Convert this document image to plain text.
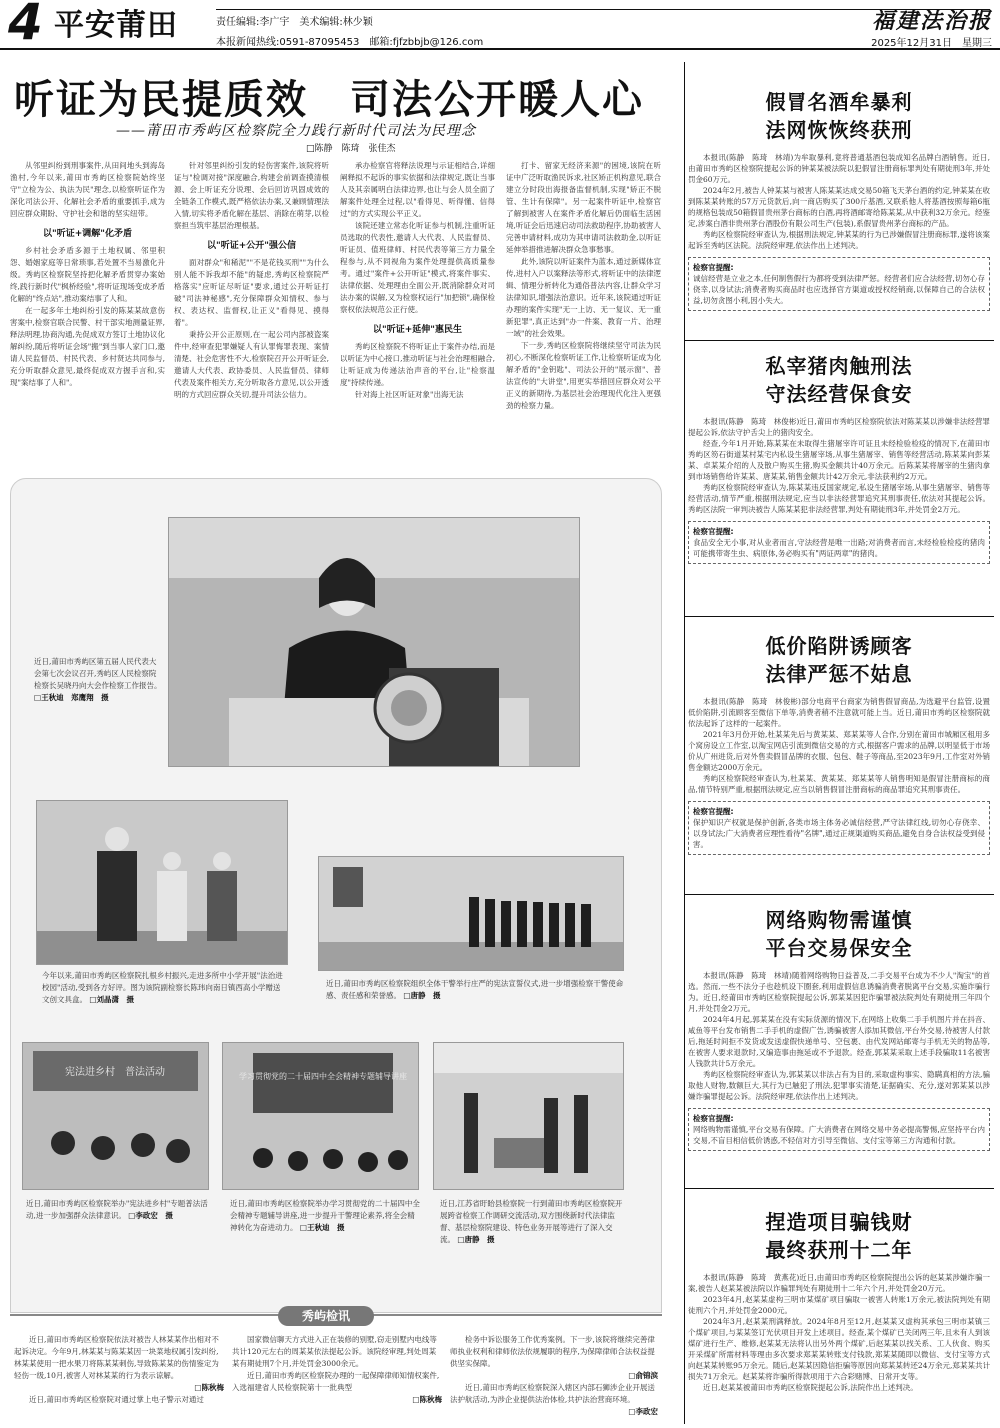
4 平安莆田	责任编辑:李广宇　美术编辑:林少颖
本报新闻热线:0591-87095453　邮箱:fjfzbbjb@126.com
福建法治报
2025年12月31日　星期三
听证为民提质效　司法公开暖人心
——莆田市秀屿区检察院全力践行新时代司法为民理念
□陈静　陈琦　张佳杰

从邻里纠纷到刑事案件,从田间地头到海岛渔村,今年以来,莆田市秀屿区检察院始终坚守"立检为公、执法为民"理念,以检察听证作为深化司法公开、化解社会矛盾的重要抓手,成为回应群众期盼、守护社会和谐的坚实纽带。

以"听证+调解"化矛盾

乡村社会矛盾多源于土地权属、邻里积怨、婚姻家庭等日常琐事,若处置不当易激化升级。秀屿区检察院坚持把化解矛盾贯穿办案始终,践行新时代"枫桥经验",将听证现场变成矛盾化解的"终点站",推动案结事了人和。

在一起多年土地纠纷引发的陈某某故意伤害案中,检察官联合民警、村干部实地测量证界,释法明理,协商沟通,先促成双方签订土地协议化解纠纷,随后将听证会场"搬"到当事人家门口,邀请人民监督员、村民代表、乡村贤达共同参与,充分听取群众意见,最终促成双方握手言和,实现"案结事了人和"。

针对邻里纠纷引发的轻伤害案件,该院将听证与"检调对接"深度融合,构建会前调查摸清根源、会上听证充分说理、会后回访巩固成效的全链条工作模式,既严格依法办案,又兼顾情理法入情,切实将矛盾化解在基层、消除在萌芽,以检察担当筑牢基层治理根基。

以"听证+公开"强公信

面对群众"和稀泥""不是花钱买刑""为什么别人能不诉我却不能"的疑虑,秀屿区检察院严格落实"应听证尽听证"要求,通过公开听证打破"司法神秘感",充分保障群众知情权、参与权、表达权、监督权,让正义"看得见、摸得着"。

秉持公开公正原则,在一起公司内部被盗案件中,经审查犯罪嫌疑人有认罪悔罪表现、案情清楚、社会危害性不大,检察院召开公开听证会,邀请人大代表、政协委员、人民监督员、律师代表及案件相关方,充分听取各方意见,以公开透明的方式回应群众关切,提升司法公信力。

承办检察官将释法说理与示证相结合,详细阐释拟不起诉的事实依据和法律规定,既让当事人及其亲属明白法律边界,也让与会人员全面了解案件处理全过程,以"看得见、听得懂、信得过"的方式实现公平正义。

该院还建立常态化听证参与机制,注重听证员选取的代表性,邀请人大代表、人民监督员、听证员、值班律师、村民代表等第三方力量全程参与,从不同视角为案件处理提供高质量参考。通过"案件+公开听证"模式,将案件事实、法律依据、处理理由全面公开,既消除群众对司法办案的误解,又为检察权运行"加把锁",确保检察权依法规范公正行使。

以"听证+延伸"惠民生

秀屿区检察院不将听证止于案件办结,而是以听证为中心接口,推动听证与社会治理相融合,让听证成为传递法治声音的平台,让"检察温度"持续传递。

针对海上社区听证对象"出海无法

打卡、留家无经济来源"的困境,该院在听证中广泛听取渔民诉求,社区矫正机构意见,联合建立分时段出海报备监督机制,实现"矫正不脱管、生计有保障"。另一起案件听证中,检察官了解到被害人在案件矛盾化解后仍面临生活困境,听证会后迅速启动司法救助程序,协助被害人完善申请材料,成功为其申请司法救助金,以听证延伸举措推进解决群众急事愁事。

此外,该院以听证案件为蓝本,通过新媒体宣传,进村入户以案释法等形式,将听证中的法律逻辑、情理分析转化为通俗普法内容,让群众学习法律知识,增强法治意识。近年来,该院通过听证办理的案件实现"无一上访、无一复议、无一重新犯罪",真正达到"办一件案、教育一片、治理一域"的社会效果。

下一步,秀屿区检察院将继续坚守司法为民初心,不断深化检察听证工作,让检察听证成为化解矛盾的"金钥匙"、司法公开的"展示窗"、普法宣传的"大讲堂",用更实举措回应群众对公平正义的新期待,为基层社会治理现代化注入更强劲的检察力量。

近日,莆田市秀屿区第五届人民代表大会第七次会议召开,秀屿区人民检察院检察长吴晓丹向大会作检察工作报告。
□王秋迪　郑鹰翔　摄
今年以来,莆田市秀屿区检察院扎根乡村振兴,走进多所中小学开展"法治进校园"活动,受到各方好评。图为该院副检察长陈玮向南日镇西高小学赠送文创文具盒。 □刘晶潇　摄
近日,莆田市秀屿区检察院组织全体干警举行庄严的宪法宣誓仪式,进一步增强检察干警使命感、责任感和荣誉感。 □唐静　摄
宪法进乡村　普法活动
近日,莆田市秀屿区检察院举办"宪法进乡村"专题普法活动,进一步加强群众法律意识。 □李政宏　摄
学习贯彻党的二十届四中全会精神专题辅导讲座
近日,莆田市秀屿区检察院举办学习贯彻党的二十届四中全会精神专题辅导讲座,进一步提升干警理论素养,将全会精神转化为奋进动力。 □王秋迪　摄
近日,江苏省盱眙县检察院一行到莆田市秀屿区检察院开展跨省检察工作调研交流活动,双方围绕新时代法律监督、基层检察院建设、特色业务开展等进行了深入交流。 □唐静　摄
秀屿检讯

近日,莆田市秀屿区检察院依法对被告人林某某作出相对不起诉决定。今年9月,林某某与陈某某因一块菜地权属引发纠纷,林某某使用一把水果刀将陈某某刺伤,导致陈某某的伤情鉴定为轻伤一级,10月,被害人对林某某的行为表示谅解。

□陈秋梅

近日,莆田市秀屿区检察院对通过掌上电子警示对通过

国家微信聊天方式进入正在装修的别墅,窃走别墅内电线等共计120元左右的周某某依法提起公诉。该院经审理,判处周某某有期徒刑7个月,并处罚金3000余元。

近日,莆田市秀屿区检察院办理的一起保障律师知情权案件,入选福建省人民检察院第十一批典型

□陈秋梅

检务中诉讼服务工作优秀案例。下一步,该院将继续完善律师执业权利和律师依法依规履职的程序,为保障律师合法权益提供坚实保障。

□俞锦滨

近日,莆田市秀屿区检察院深入辖区内部石狮涉企业开展送法护航活动,为涉企业提供法治体检,共护法治营商环境。

□李政宏
假冒名酒牟暴利
法网恢恢终获刑

本报讯(陈静　陈琦　林靖)为牟取暴利,竟将普通基酒包装成知名品牌白酒销售。近日,由莆田市秀屿区检察院提起公诉的钟某某被法院以犯假冒注册商标罪判处有期徒刑3年,并处罚金60万元。

2024年2月,被告人钟某某与被害人陈某某达成交易50箱飞天茅台酒的约定,钟某某在收到陈某某转账的57万元货款后,向一商店购买了300斤基酒,又联系他人将基酒按照每箱6瓶的规格包装成50箱假冒贵州茅台商标的白酒,再将酒邮寄给陈某某,从中获利32万余元。经鉴定,涉案白酒非贵州茅台酒股份有限公司生产(包装),系假冒贵州茅台商标的产品。

秀屿区检察院经审查认为,根据刑法规定,钟某某的行为已涉嫌假冒注册商标罪,遂将该案起诉至秀屿区法院。法院经审理,依法作出上述判决。

检察官提醒:
诚信经营是立业之本,任何制售假行为都将受到法律严惩。经营者们应合法经营,切勿心存侥幸,以身试法;消费者购买商品时也应选择官方渠道或授权经销商,以保障自己的合法权益,切勿贪图小利,因小失大。
私宰猪肉触刑法
守法经营保食安

本报讯(陈静　陈琦　林俊彬)近日,莆田市秀屿区检察院依法对陈某某以涉嫌非法经营罪提起公诉,依法守护舌尖上的猪肉安全。

经查,今年1月开始,陈某某在未取得生猪屠宰许可证且未经检验检疫的情况下,在莆田市秀屿区笏石街道某村某宅内私设生猪屠宰场,从事生猪屠宰、销售等经营活动,陈某某向彭某某、卓某某介绍的人及散户购买生猪,购买金额共计40万余元。后陈某某将屠宰的生猪肉拿到市场销售给许某某、唐某某,销售金额共计42万余元,非法获利约2万元。

秀屿区检察院经审查认为,陈某某违反国家规定,私设生猪屠宰场,从事生猪屠宰、销售等经营活动,情节严重,根据刑法规定,应当以非法经营罪追究其刑事责任,依法对其提起公诉。秀屿区法院一审判决被告人陈某某犯非法经营罪,判处有期徒刑3年,并处罚金2万元。

检察官提醒:
食品安全无小事,对从业者而言,守法经营是唯一出路;对消费者而言,未经检验检疫的猪肉可能携带寄生虫、病原体,务必购买有"两证两章"的猪肉。
低价陷阱诱顾客
法律严惩不姑息

本报讯(陈静　陈琦　林俊彬)部分电商平台商家为销售假冒商品,为选避平台监管,设置低价陷阱,引流顾客至微信下单等,消费者稍不注意就可能上当。近日,莆田市秀屿区检察院就依法起诉了这样的一起案件。

2021年3月份开始,杜某某先后与黄某某、郑某某等人合作,分别在莆田市城厢区租用多个窝房设立工作室,以淘宝网店引流到微信交易的方式,根据客户需求的品牌,以明显低于市场价从广州进货,后对外售卖假冒品牌的衣服、包包、鞋子等商品,至2023年9月,工作室对外销售金额达2000万余元。

秀屿区检察院经审查认为,杜某某、黄某某、郑某某等人销售明知是假冒注册商标的商品,情节特别严重,根据刑法规定,应当以销售假冒注册商标的商品罪追究其刑事责任。

检察官提醒:
保护知识产权就是保护创新,各类市场主体务必诚信经营,严守法律红线,切勿心存侥幸、以身试法;广大消费者应理性看待"名牌",通过正规渠道购买商品,避免自身合法权益受到侵害。
网络购物需谨慎
平台交易保安全

本报讯(陈静　陈琦　林靖)随着网络购物日益普及,二手交易平台成为不少人"淘宝"的首选。然而,一些不法分子也趁机设下圈套,利用虚假信息诱骗消费者脱离平台交易,实施诈骗行为。近日,经莆田市秀屿区检察院提起公诉,郭某某因犯诈骗罪被法院判处有期徒刑三年四个月,并处罚金2万元。

2024年4月起,郭某某在没有实际货源的情况下,在网络上收集二手手机图片并在抖音、咸鱼等平台发布销售二手手机的虚假广告,诱骗被害人添加其微信,平台外交易,待被害人付款后,拖延时间拒不发货或发送虚假快递单号、空包裹、由代发网站邮寄与手机无关的物品等,在被害人要求退款时,又编造事由拖延或不予退款。经查,郭某某采取上述手段骗取11名被害人钱款共计5万余元。

秀屿区检察院经审查认为,郭某某以非法占有为目的,采取虚构事实、隐瞒真相的方法,骗取他人财物,数额巨大,其行为已触犯了刑法,犯罪事实清楚,证据确实、充分,遂对郭某某以涉嫌诈骗罪提起公诉。法院经审理,依法作出上述判决。

检察官提醒:
网络购物需谨慎,平台交易有保障。广大消费者在网络交易中务必提高警惕,应坚持平台内交易,不盲目相信低价诱惑,不轻信对方引导至微信、支付宝等第三方沟通和付款。
捏造项目骗钱财
最终获刑十二年

本报讯(陈静　陈琦　黄燕花)近日,由莆田市秀屿区检察院提出公诉的赵某某涉嫌诈骗一案,被告人赵某某被法院以诈骗罪判处有期徒刑十二年六个月,并处罚金20万元。

2023年4月,赵某某虚构三明市某煤矿项目骗取一被害人转账1万余元,被法院判处有期徒刑六个月,并处罚金2000元。

2024年3月,赵某某刑满释放。2024年8月至12月,赵某某又虚构其承包三明市某镇三个煤矿项目,与某某签订光伏项目开发上述项目。经查,某个煤矿已关闭两三年,且未有人到该煤矿进行生产、维修,赵某某无法将认出另外两个煤矿,后赵某某以找关系、工人伙食、购买开采煤矿所需材料等理由多次要求郑某某转账支付钱款,郑某某随即以微信、支付宝等方式向赵某某转账95万余元。随后,赵某某因隐信拒骗等原因向郑某某转还24万余元,郑某某共计损失71万余元。赵某某将诈骗所得款项用于六合彩赌博、日常开支等。

近日,赵某某被莆田市秀屿区检察院提起公诉,法院作出上述判决。
